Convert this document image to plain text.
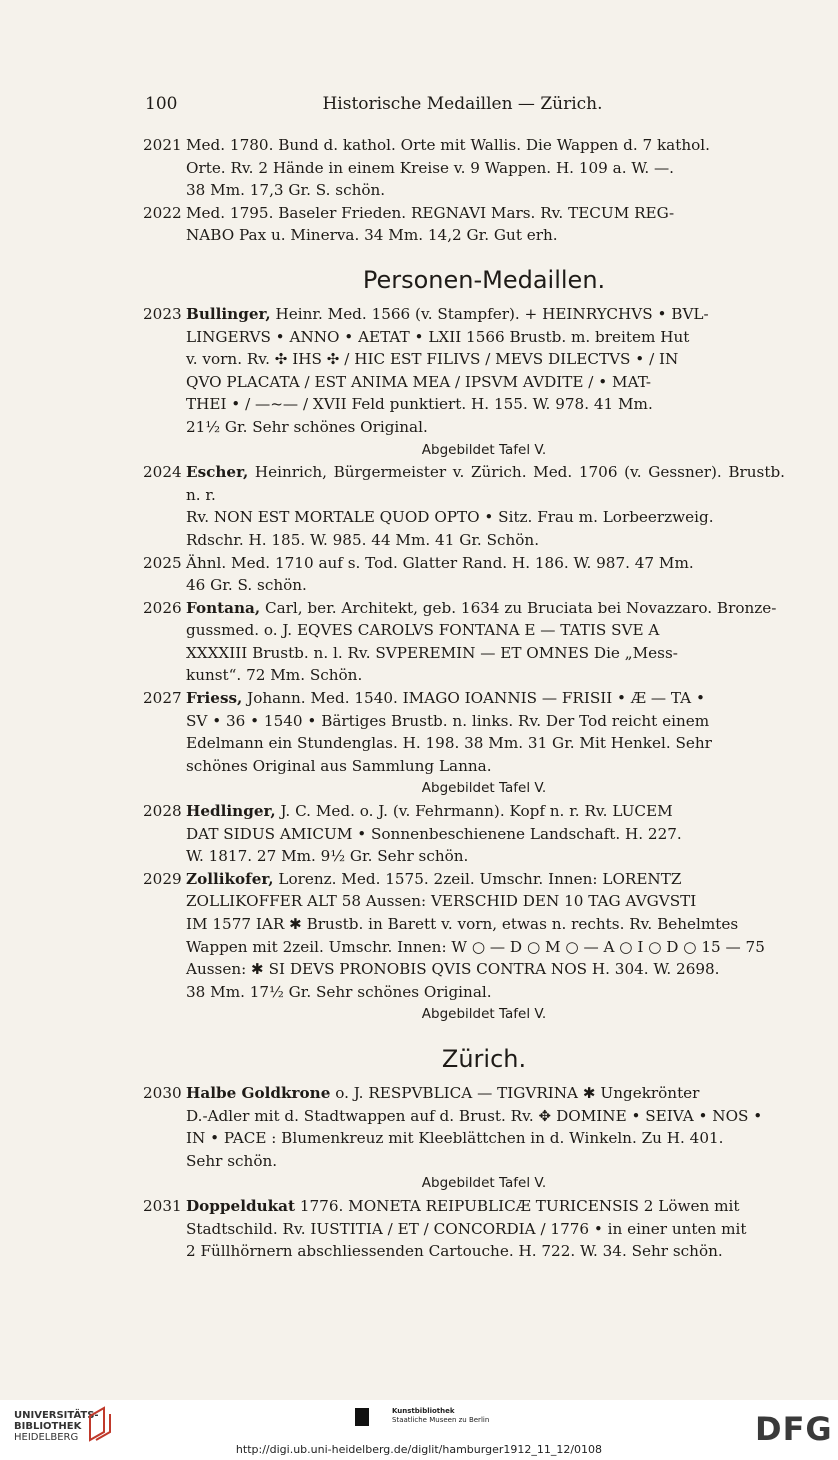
100	Historische Medaillen — Zürich.
2021 Med. 1780. Bund d. kathol. Orte mit Wallis. Die Wappen d. 7 kathol.
Orte. Rv. 2 Hände in einem Kreise v. 9 Wappen. H. 109 a. W. —.
38 Mm. 17,3 Gr. S. schön.
2022 Med. 1795. Baseler Frieden. REGNAVI Mars. Rv. TECUM REG-
NABO Pax u. Minerva. 34 Mm. 14,2 Gr. Gut erh.
Personen-Medaillen.
2023 Bullinger, Heinr. Med. 1566 (v. Stampfer). + HEINRYCHVS • BVL-
LINGERVS • ANNO • AETAT • LXII 1566 Brustb. m. breitem Hut
v. vorn. Rv. ✣ IHS ✣ / HIC EST FILIVS / MEVS DILECTVS • / IN
QVO PLACATA / EST ANIMA MEA / IPSVM AVDITE / • MAT-
THEI • / —~— / XVII Feld punktiert. H. 155. W. 978. 41 Mm.
21½ Gr. Sehr schönes Original.
Abgebildet Tafel V.
2024 Escher, Heinrich, Bürgermeister v. Zürich. Med. 1706 (v. Gessner). Brustb. n. r.
Rv. NON EST MORTALE QUOD OPTO • Sitz. Frau m. Lorbeerzweig.
Rdschr. H. 185. W. 985. 44 Mm. 41 Gr. Schön.
2025 Ähnl. Med. 1710 auf s. Tod. Glatter Rand. H. 186. W. 987. 47 Mm.
46 Gr. S. schön.
2026 Fontana, Carl, ber. Architekt, geb. 1634 zu Bruciata bei Novazzaro. Bronze-
gussmed. o. J. EQVES CAROLVS FONTANA E — TATIS SVE A
XXXXIII Brustb. n. l. Rv. SVPEREMIN — ET OMNES Die „Mess-
kunst“. 72 Mm. Schön.
2027 Friess, Johann. Med. 1540. IMAGO IOANNIS — FRISII • Æ — TA •
SV • 36 • 1540 • Bärtiges Brustb. n. links. Rv. Der Tod reicht einem
Edelmann ein Stundenglas. H. 198. 38 Mm. 31 Gr. Mit Henkel. Sehr
schönes Original aus Sammlung Lanna.
Abgebildet Tafel V.
2028 Hedlinger, J. C. Med. o. J. (v. Fehrmann). Kopf n. r. Rv. LUCEM
DAT SIDUS AMICUM • Sonnenbeschienene Landschaft. H. 227.
W. 1817. 27 Mm. 9½ Gr. Sehr schön.
2029 Zollikofer, Lorenz. Med. 1575. 2zeil. Umschr. Innen: LORENTZ
ZOLLIKOFFER ALT 58 Aussen: VERSCHID DEN 10 TAG AVGVSTI
IM 1577 IAR ✱ Brustb. in Barett v. vorn, etwas n. rechts. Rv. Behelmtes
Wappen mit 2zeil. Umschr. Innen: W ○ — D ○ M ○ — A ○ I ○ D ○ 15 — 75
Aussen: ✱ SI DEVS PRONOBIS QVIS CONTRA NOS H. 304. W. 2698.
38 Mm. 17½ Gr. Sehr schönes Original.
Abgebildet Tafel V.
Zürich.
2030 Halbe Goldkrone o. J. RESPVBLICA — TIGVRINA ✱ Ungekrönter
D.-Adler mit d. Stadtwappen auf d. Brust. Rv. ✥ DOMINE • SEIVA • NOS •
IN • PACE : Blumenkreuz mit Kleeblättchen in d. Winkeln. Zu H. 401.
Sehr schön.
Abgebildet Tafel V.
2031 Doppeldukat 1776. MONETA REIPUBLICÆ TURICENSIS 2 Löwen mit
Stadtschild. Rv. IUSTITIA / ET / CONCORDIA / 1776 • in einer unten mit
2 Füllhörnern abschliessenden Cartouche. H. 722. W. 34. Sehr schön.
UNIVERSITÄTS-
BIBLIOTHEK
HEIDELBERG
Kunstbibliothek
Staatliche Museen zu Berlin	DFG
http://digi.ub.uni-heidelberg.de/diglit/hamburger1912_11_12/0108
